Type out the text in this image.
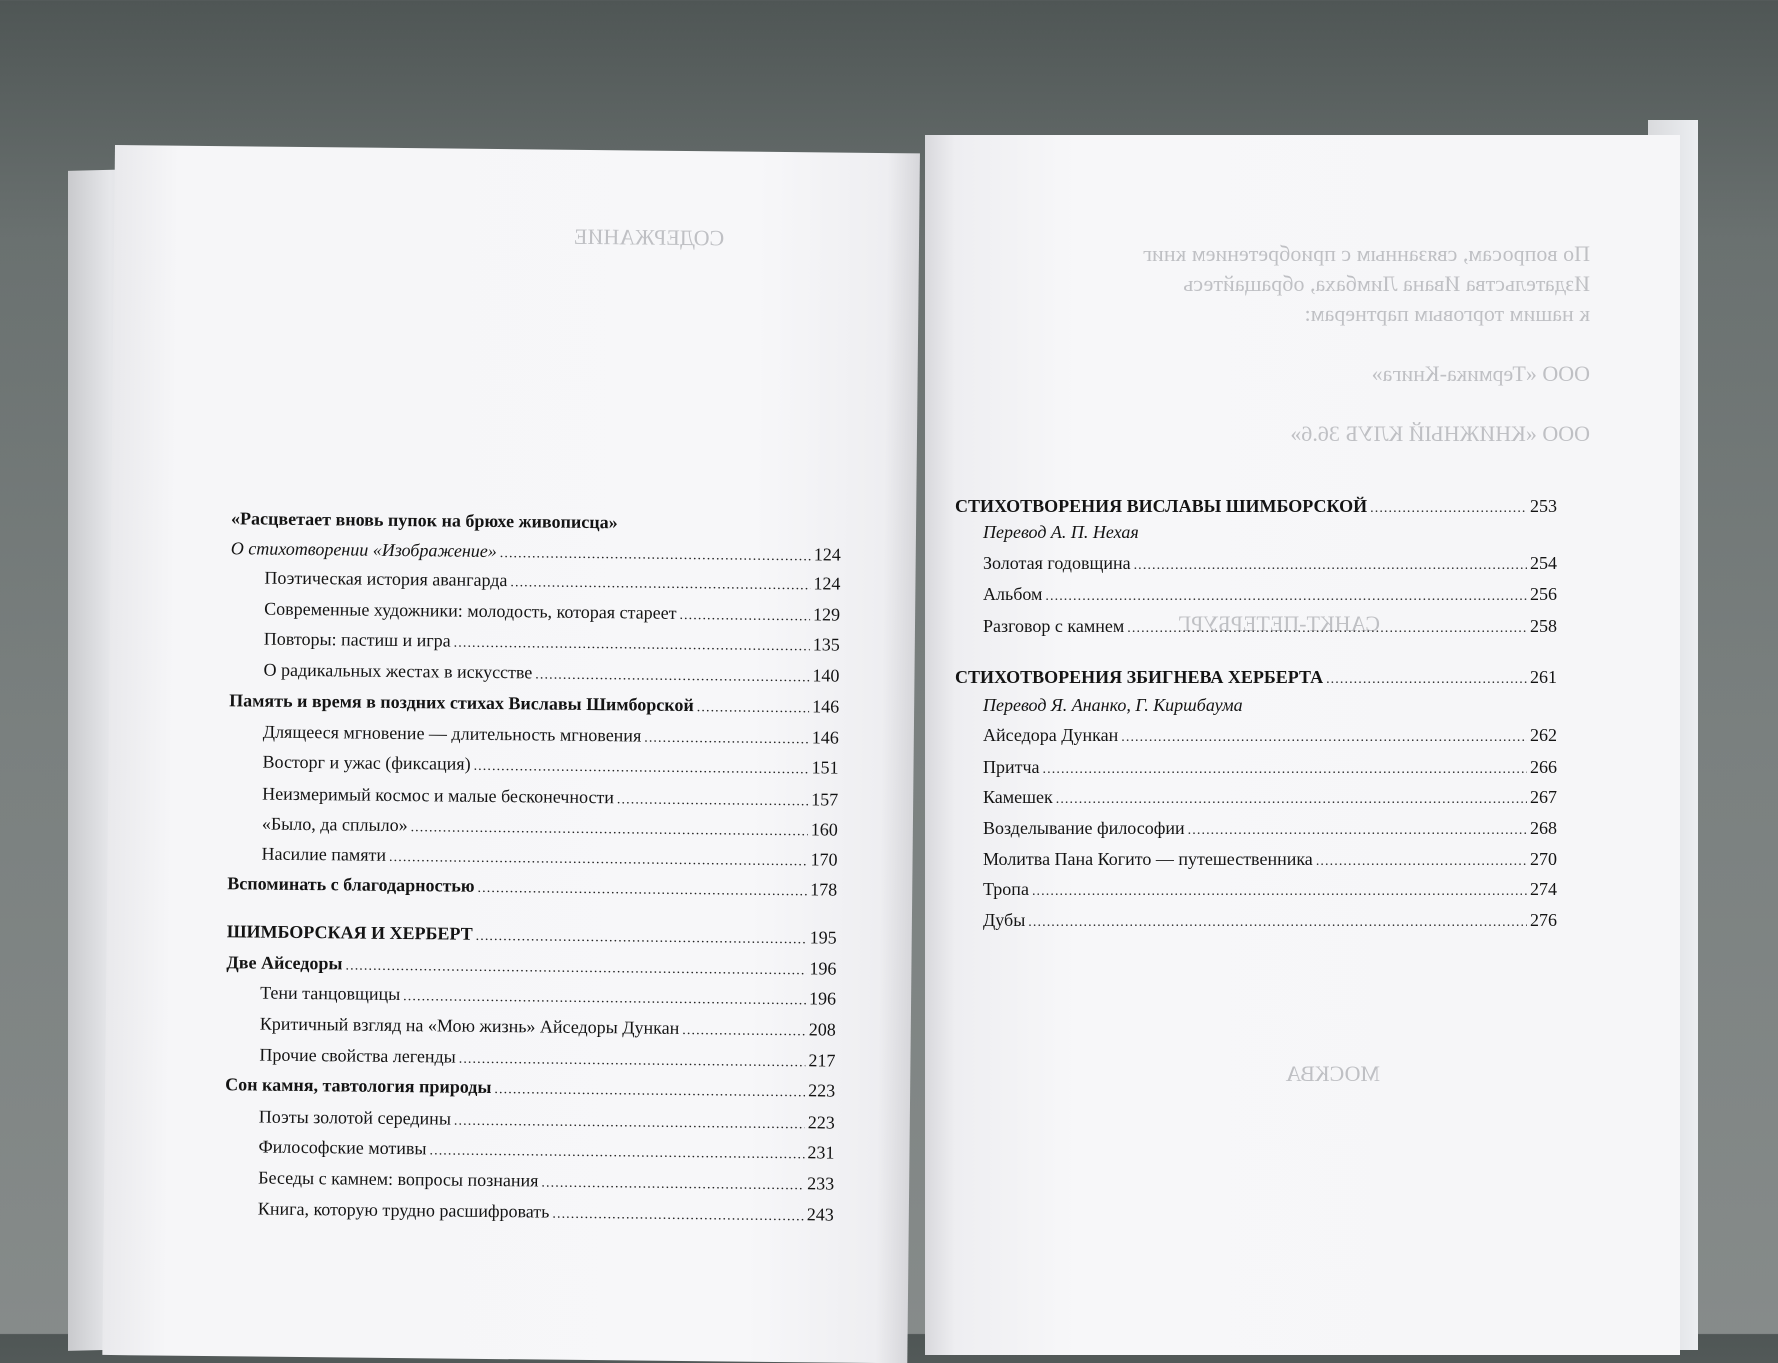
СОДЕРЖАНИЕ
«Расцветает вновь пупок на брюхе живописца»
О стихотворении «Изображение» . . .	124
Поэтическая история авангарда . . .	124
Современные художники: молодость, которая стареет . . .	129
Повторы: пастиш и игра . . .	135
О радикальных жестах в искусстве . . .	140
Память и время в поздних стихах Виславы Шимборской . . .	146
Длящееся мгновение — длительность мгновения . . .	146
Восторг и ужас (фиксация) . . .	151
Неизмеримый космос и малые бесконечности . . .	157
«Было, да сплыло» . . .	160
Насилие памяти . . .	170
Вспоминать с благодарностью . . .	178
ШИМБОРСКАЯ И ХЕРБЕРТ . . .	195
Две Айседоры . . .	196
Тени танцовщицы . . .	196
Критичный взгляд на «Мою жизнь» Айседоры Дункан . . .	208
Прочие свойства легенды . . .	217
Сон камня, тавтология природы . . .	223
Поэты золотой середины . . .	223
Философские мотивы . . .	231
Беседы с камнем: вопросы познания . . .	233
Книга, которую трудно расшифровать . . .	243
По вопросам, связанным с приобретением книг
Издательства Ивана Лимбаха, обращайтесь
к нашим торговым партнерам:
ООО «Термика-Книга»
ООО «КНИЖНЫЙ КЛУБ 36.6»
САНКТ-ПЕТЕРБУРГ
МОСКВА
СТИХОТВОРЕНИЯ ВИСЛАВЫ ШИМБОРСКОЙ . . .	253
Перевод А. П. Нехая
Золотая годовщина . . .	254
Альбом . . .	256
Разговор с камнем . . .	258
СТИХОТВОРЕНИЯ ЗБИГНЕВА ХЕРБЕРТА . . .	261
Перевод Я. Ананко, Г. Киршбаума
Айседора Дункан . . .	262
Притча . . .	266
Камешек . . .	267
Возделывание философии . . .	268
Молитва Пана Когито — путешественника . . .	270
Тропа . . .	274
Дубы . . .	276
